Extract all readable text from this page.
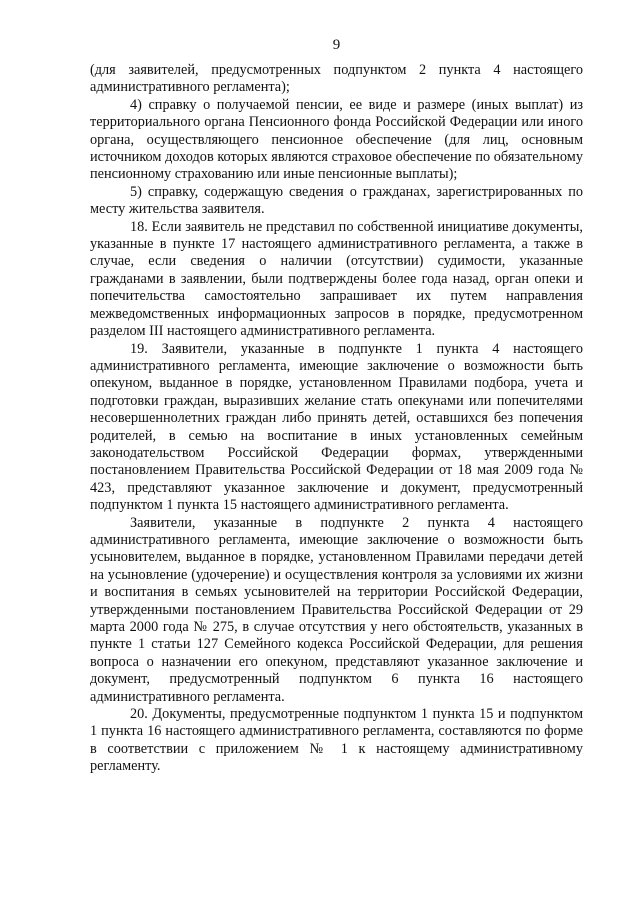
9

(для заявителей, предусмотренных подпунктом 2 пункта 4 настоящего административного регламента);

4) справку о получаемой пенсии, ее виде и размере (иных выплат) из территориального органа Пенсионного фонда Российской Федерации или иного органа, осуществляющего пенсионное обеспечение (для лиц, основным источником доходов которых являются страховое обеспечение по обязательному пенсионному страхованию или иные пенсионные выплаты);

5) справку, содержащую сведения о гражданах, зарегистрированных по месту жительства заявителя.

18. Если заявитель не представил по собственной инициативе документы, указанные в пункте 17 настоящего административного регламента, а также в случае, если сведения о наличии (отсутствии) судимости, указанные гражданами в заявлении, были подтверждены более года назад, орган опеки и попечительства самостоятельно запрашивает их путем направления межведомственных информационных запросов в порядке, предусмотренном разделом III настоящего административного регламента.

19. Заявители, указанные в подпункте 1 пункта 4 настоящего административного регламента, имеющие заключение о возможности быть опекуном, выданное в порядке, установленном Правилами подбора, учета и подготовки граждан, выразивших желание стать опекунами или попечителями несовершеннолетних граждан либо принять детей, оставшихся без попечения родителей, в семью на воспитание в иных установленных семейным законодательством Российской Федерации формах, утвержденными постановлением Правительства Российской Федерации от 18 мая 2009 года № 423, представляют указанное заключение и документ, предусмотренный подпунктом 1 пункта 15 настоящего административного регламента.

Заявители, указанные в подпункте 2 пункта 4 настоящего административного регламента, имеющие заключение о возможности быть усыновителем, выданное в порядке, установленном Правилами передачи детей на усыновление (удочерение) и осуществления контроля за условиями их жизни и воспитания в семьях усыновителей на территории Российской Федерации, утвержденными постановлением Правительства Российской Федерации от 29 марта 2000 года № 275, в случае отсутствия у него обстоятельств, указанных в пункте 1 статьи 127 Семейного кодекса Российской Федерации, для решения вопроса о назначении его опекуном, представляют указанное заключение и документ, предусмотренный подпунктом 6 пункта 16 настоящего административного регламента.

20. Документы, предусмотренные подпунктом 1 пункта 15 и подпунктом 1 пункта 16 настоящего административного регламента, составляются по форме в соответствии с приложением № 1 к настоящему административному регламенту.
